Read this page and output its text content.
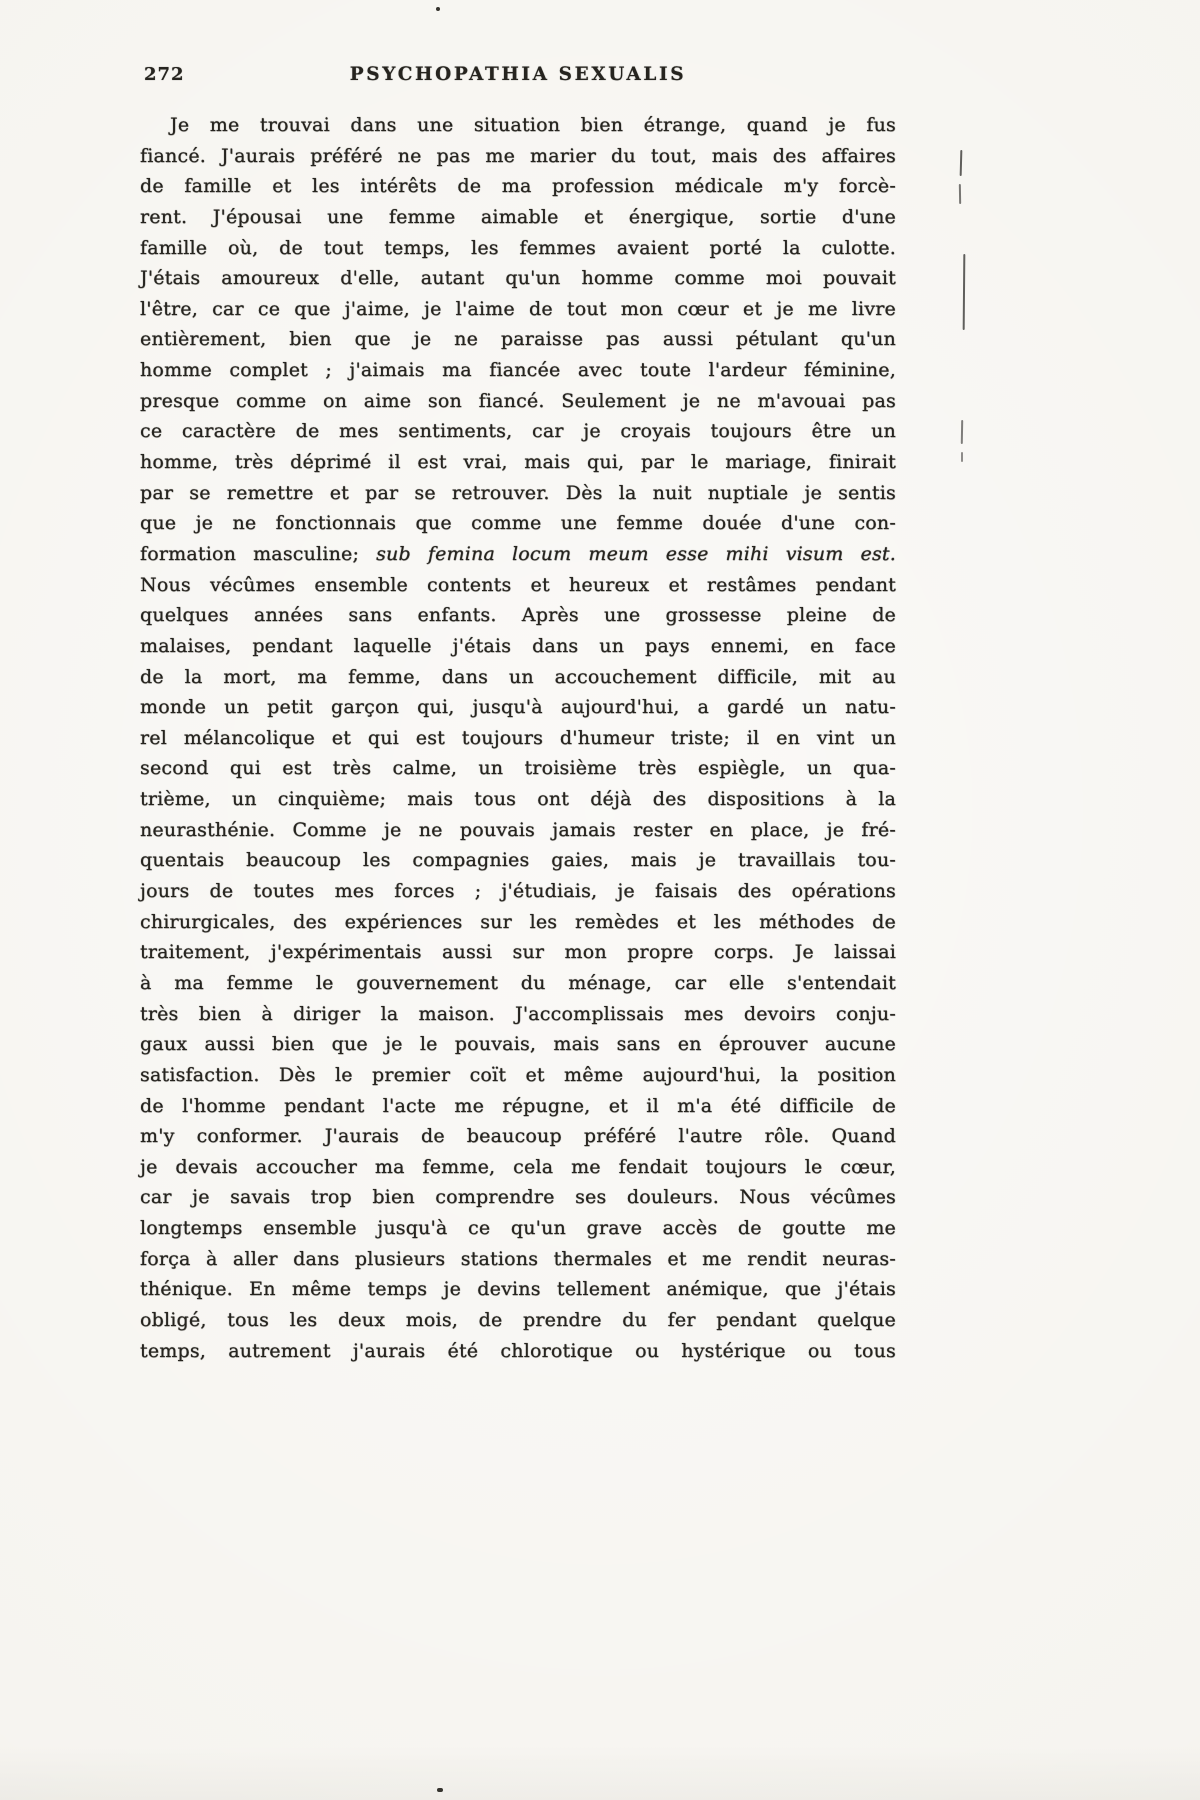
272	PSYCHOPATHIA SEXUALIS
Je me trouvai dans une situation bien étrange, quand je fus
fiancé. J'aurais préféré ne pas me marier du tout, mais des affaires
de famille et les intérêts de ma profession médicale m'y forcè-
rent. J'épousai une femme aimable et énergique, sortie d'une
famille où, de tout temps, les femmes avaient porté la culotte.
J'étais amoureux d'elle, autant qu'un homme comme moi pouvait
l'être, car ce que j'aime, je l'aime de tout mon cœur et je me livre
entièrement, bien que je ne paraisse pas aussi pétulant qu'un
homme complet ; j'aimais ma fiancée avec toute l'ardeur féminine,
presque comme on aime son fiancé. Seulement je ne m'avouai pas
ce caractère de mes sentiments, car je croyais toujours être un
homme, très déprimé il est vrai, mais qui, par le mariage, finirait
par se remettre et par se retrouver. Dès la nuit nuptiale je sentis
que je ne fonctionnais que comme une femme douée d'une con-
formation masculine; sub femina locum meum esse mihi visum est.
Nous vécûmes ensemble contents et heureux et restâmes pendant
quelques années sans enfants. Après une grossesse pleine de
malaises, pendant laquelle j'étais dans un pays ennemi, en face
de la mort, ma femme, dans un accouchement difficile, mit au
monde un petit garçon qui, jusqu'à aujourd'hui, a gardé un natu-
rel mélancolique et qui est toujours d'humeur triste; il en vint un
second qui est très calme, un troisième très espiègle, un qua-
trième, un cinquième; mais tous ont déjà des dispositions à la
neurasthénie. Comme je ne pouvais jamais rester en place, je fré-
quentais beaucoup les compagnies gaies, mais je travaillais tou-
jours de toutes mes forces ; j'étudiais, je faisais des opérations
chirurgicales, des expériences sur les remèdes et les méthodes de
traitement, j'expérimentais aussi sur mon propre corps. Je laissai
à ma femme le gouvernement du ménage, car elle s'entendait
très bien à diriger la maison. J'accomplissais mes devoirs conju-
gaux aussi bien que je le pouvais, mais sans en éprouver aucune
satisfaction. Dès le premier coït et même aujourd'hui, la position
de l'homme pendant l'acte me répugne, et il m'a été difficile de
m'y conformer. J'aurais de beaucoup préféré l'autre rôle. Quand
je devais accoucher ma femme, cela me fendait toujours le cœur,
car je savais trop bien comprendre ses douleurs. Nous vécûmes
longtemps ensemble jusqu'à ce qu'un grave accès de goutte me
força à aller dans plusieurs stations thermales et me rendit neuras-
thénique. En même temps je devins tellement anémique, que j'étais
obligé, tous les deux mois, de prendre du fer pendant quelque
temps, autrement j'aurais été chlorotique ou hystérique ou tous
